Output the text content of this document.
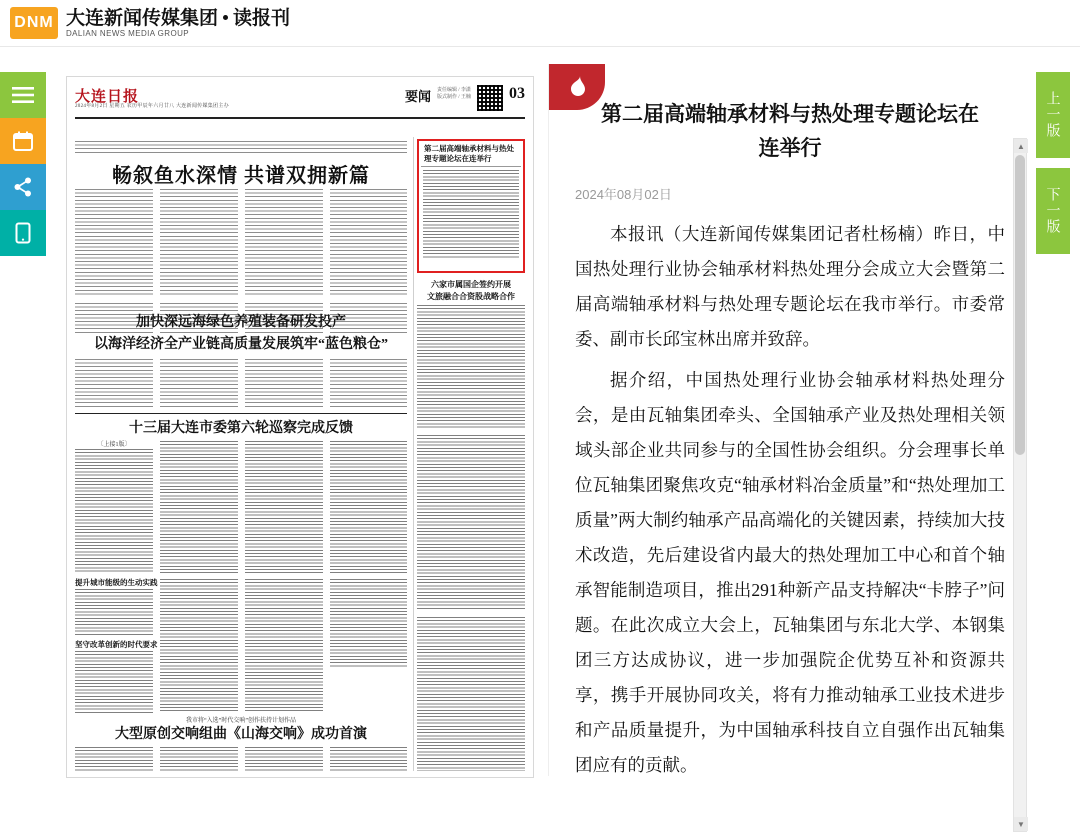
DNM 大连新闻传媒集团 读报刊
DALIAN NEWS MEDIA GROUP
大连日报
2024年8月2日 星期五 农历甲辰年六月廿八 大连新闻传媒集团主办
要闻 责任编辑 / 李潇
版式制作 / 王楠 03
畅叙鱼水深情 共谱双拥新篇
加快深远海绿色养殖装备研发投产
以海洋经济全产业链高质量发展筑牢“蓝色粮仓”
十三届大连市委第六轮巡察完成反馈
〔上接1版〕
提升城市能级的生动实践
坚守改革创新的时代要求
我市将“入选”时代交响”创作扶持计划作品
大型原创交响组曲《山海交响》成功首演
第二届高端轴承材料与热处理专题论坛在连举行
六家市属国企签约开展
文旅融合合资股战略合作
第二届高端轴承材料与热处理专题论坛在连举行
2024年08月02日

本报讯（大连新闻传媒集团记者杜杨楠）昨日，中国热处理行业协会轴承材料热处理分会成立大会暨第二届高端轴承材料与热处理专题论坛在我市举行。市委常委、副市长邱宝林出席并致辞。

据介绍，中国热处理行业协会轴承材料热处理分会，是由瓦轴集团牵头、全国轴承产业及热处理相关领域头部企业共同参与的全国性协会组织。分会理事长单位瓦轴集团聚焦攻克“轴承材料冶金质量”和“热处理加工质量”两大制约轴承产品高端化的关键因素，持续加大技术改造，先后建设省内最大的热处理加工中心和首个轴承智能制造项目，推出291种新产品支持解决“卡脖子”问题。在此次成立大会上，瓦轴集团与东北大学、本钢集团三方达成协议，进一步加强院企优势互补和资源共享，携手开展协同攻关，将有力推动轴承工业技术进步和产品质量提升，为中国轴承科技自立自强作出瓦轴集团应有的贡献。

▲
▼
上一版
下一版
